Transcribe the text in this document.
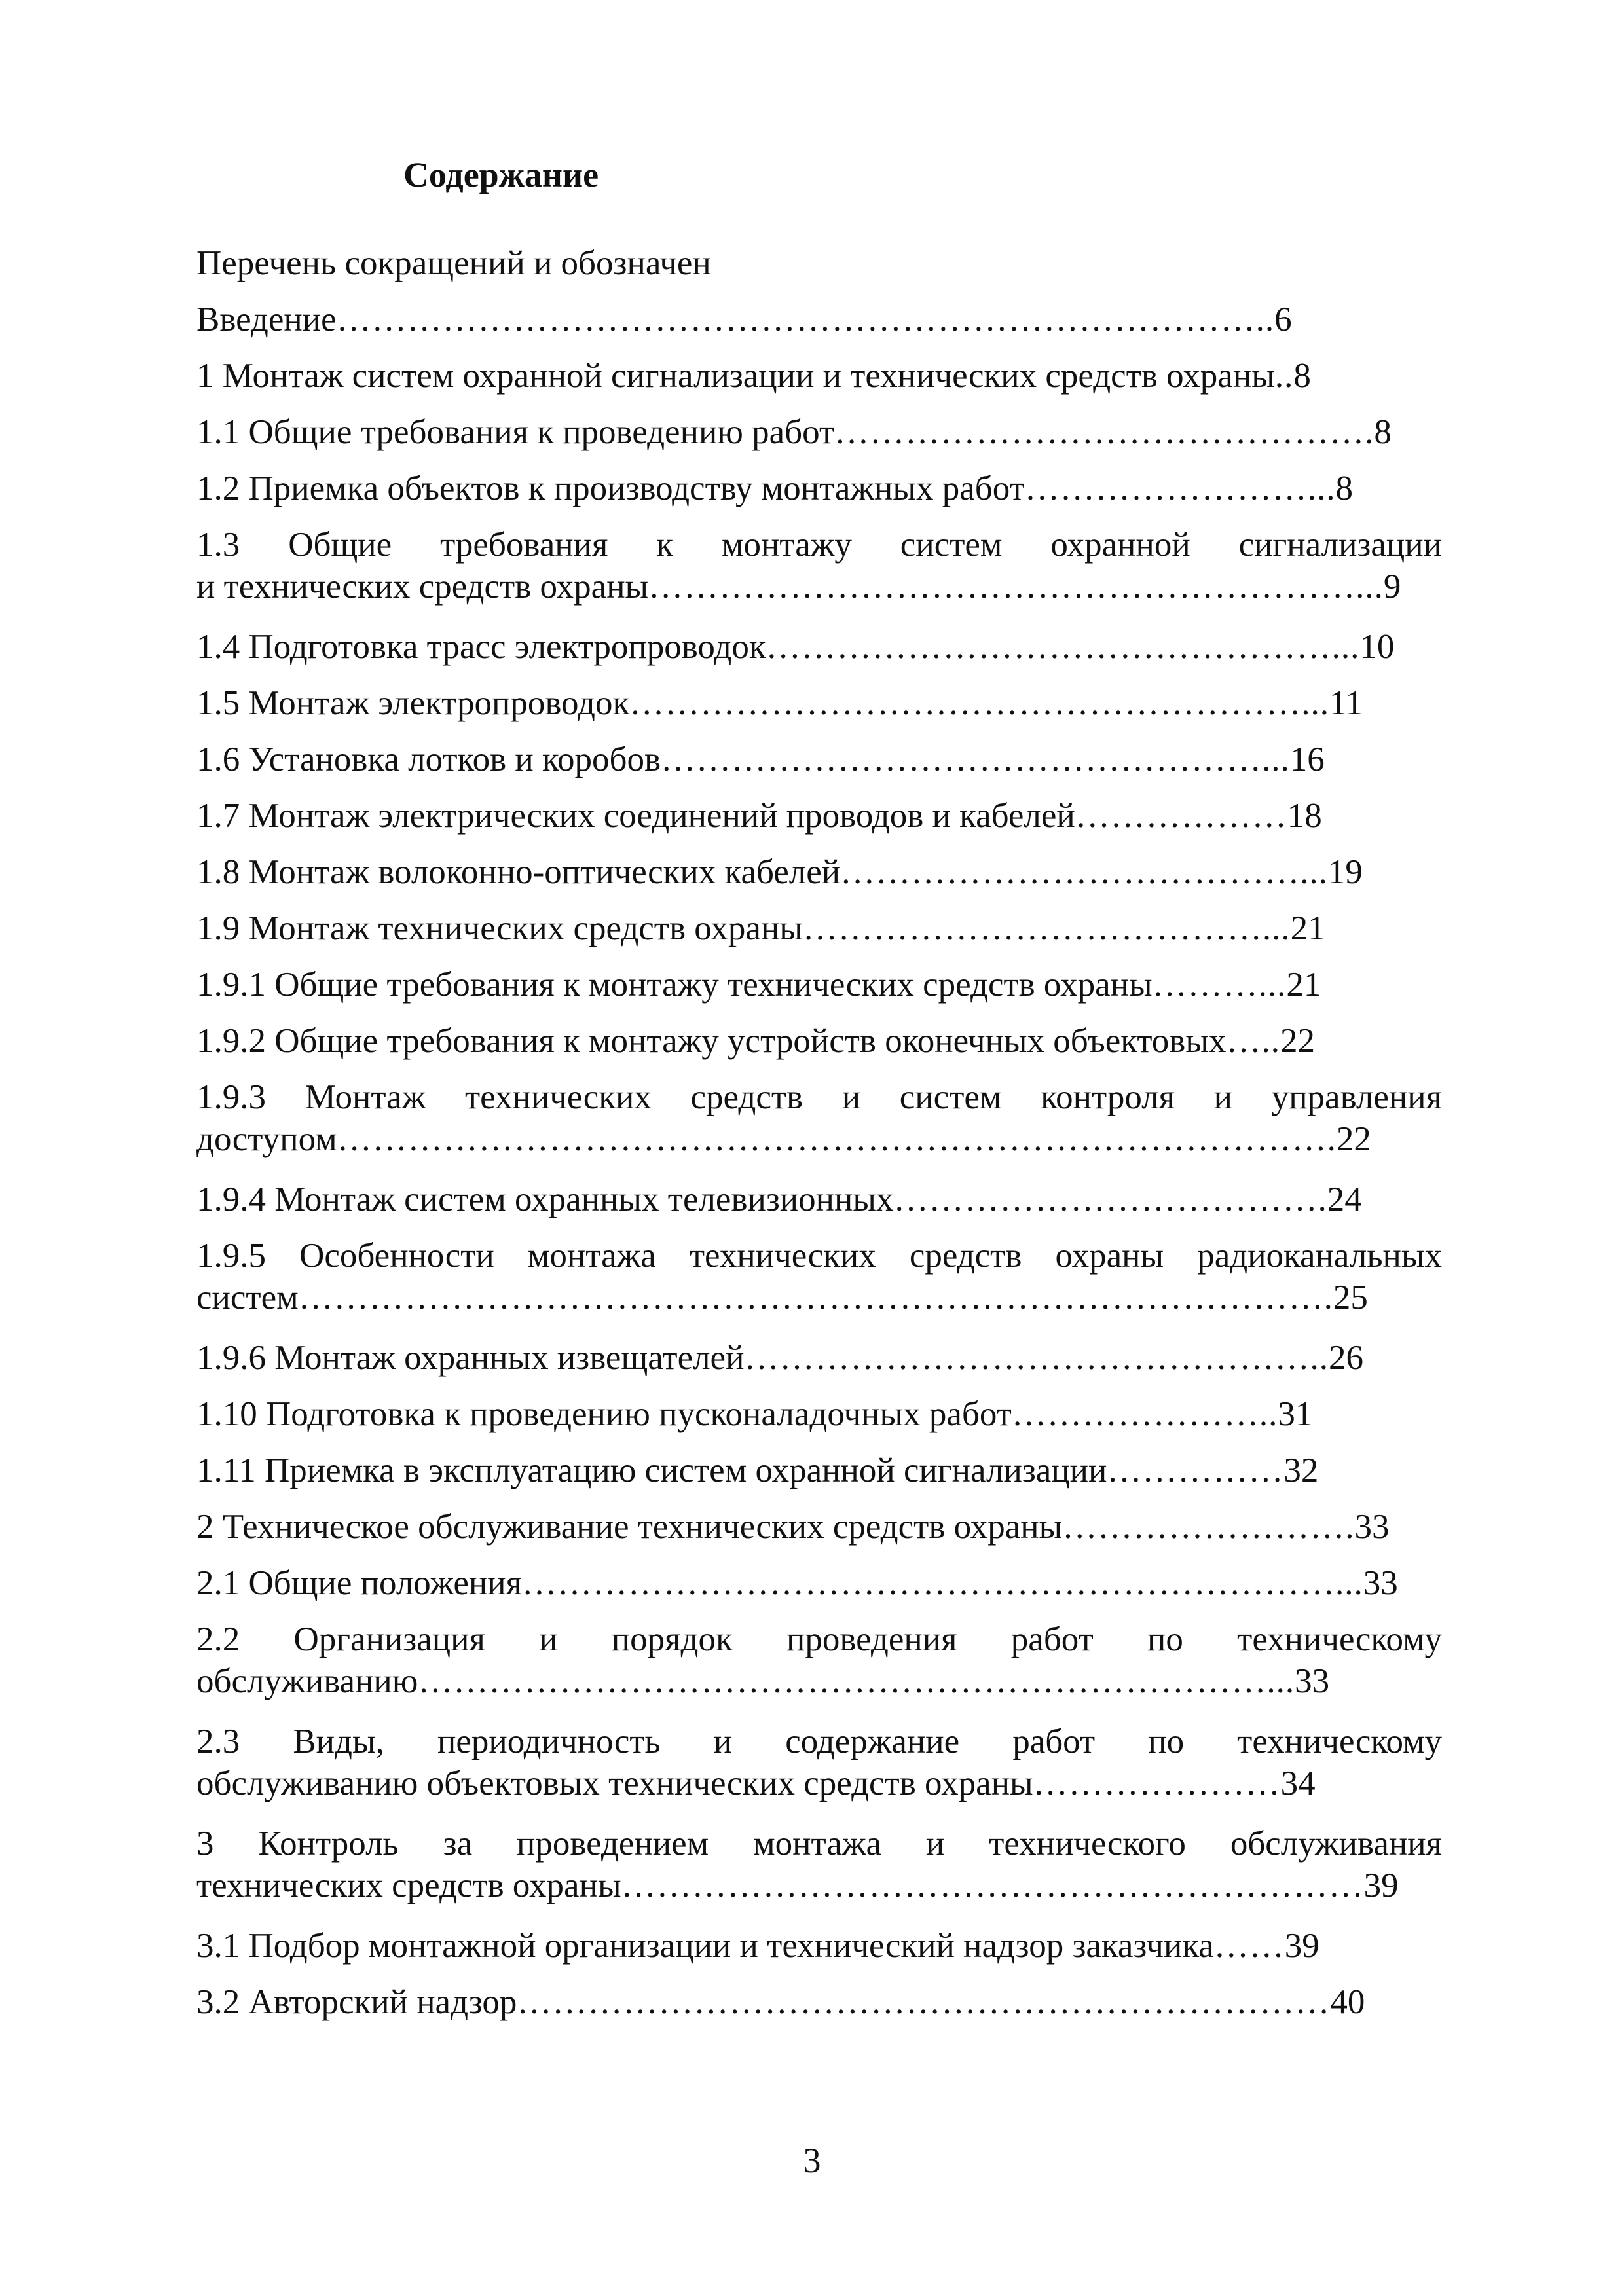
Содержание
Перечень сокращений и обозначен
Введение……………………………………………………………………..6
1 Монтаж систем охранной сигнализации и технических средств охраны..8
1.1 Общие требования к проведению работ……………………………………….8
1.2 Приемка объектов к производству монтажных работ……………………...8
1.3 Общие требования к монтажу систем охранной сигнализации
и технических средств охраны……………………………………………………...9
1.4 Подготовка трасс электропроводок…………………………………………...10
1.5 Монтаж электропроводок…………………………………………………...11
1.6 Установка лотков и коробов……………………………………………...16
1.7 Монтаж электрических соединений проводов и кабелей………………18
1.8 Монтаж волоконно-оптических кабелей…………………………………...19
1.9 Монтаж технических средств охраны…………………………………...21
1.9.1 Общие требования к монтажу технических средств охраны………...21
1.9.2 Общие требования к монтажу устройств оконечных объектовых…..22
1.9.3 Монтаж технических средств и систем контроля и управления
доступом………………………………………………………………………….22
1.9.4 Монтаж систем охранных телевизионных……………………………….24
1.9.5 Особенности монтажа технических средств охраны радиоканальных
систем…………………………………………………………………………….25
1.9.6 Монтаж охранных извещателей…………………………………………..26
1.10 Подготовка к проведению пусконаладочных работ…………………..31
1.11 Приемка в эксплуатацию систем охранной сигнализации……………32
2 Техническое обслуживание технических средств охраны…………………….33
2.1 Общие положения……………………………………………………………...33
2.2 Организация и порядок проведения работ по техническому
обслуживанию………………………………………………………………...33
2.3 Виды, периодичность и содержание работ по техническому
обслуживанию объектовых технических средств охраны…………………34
3 Контроль за проведением монтажа и технического обслуживания
технических средств охраны………………………………………………………39
3.1 Подбор монтажной организации и технический надзор заказчика……39
3.2 Авторский надзор……………………………………………………………40
3
